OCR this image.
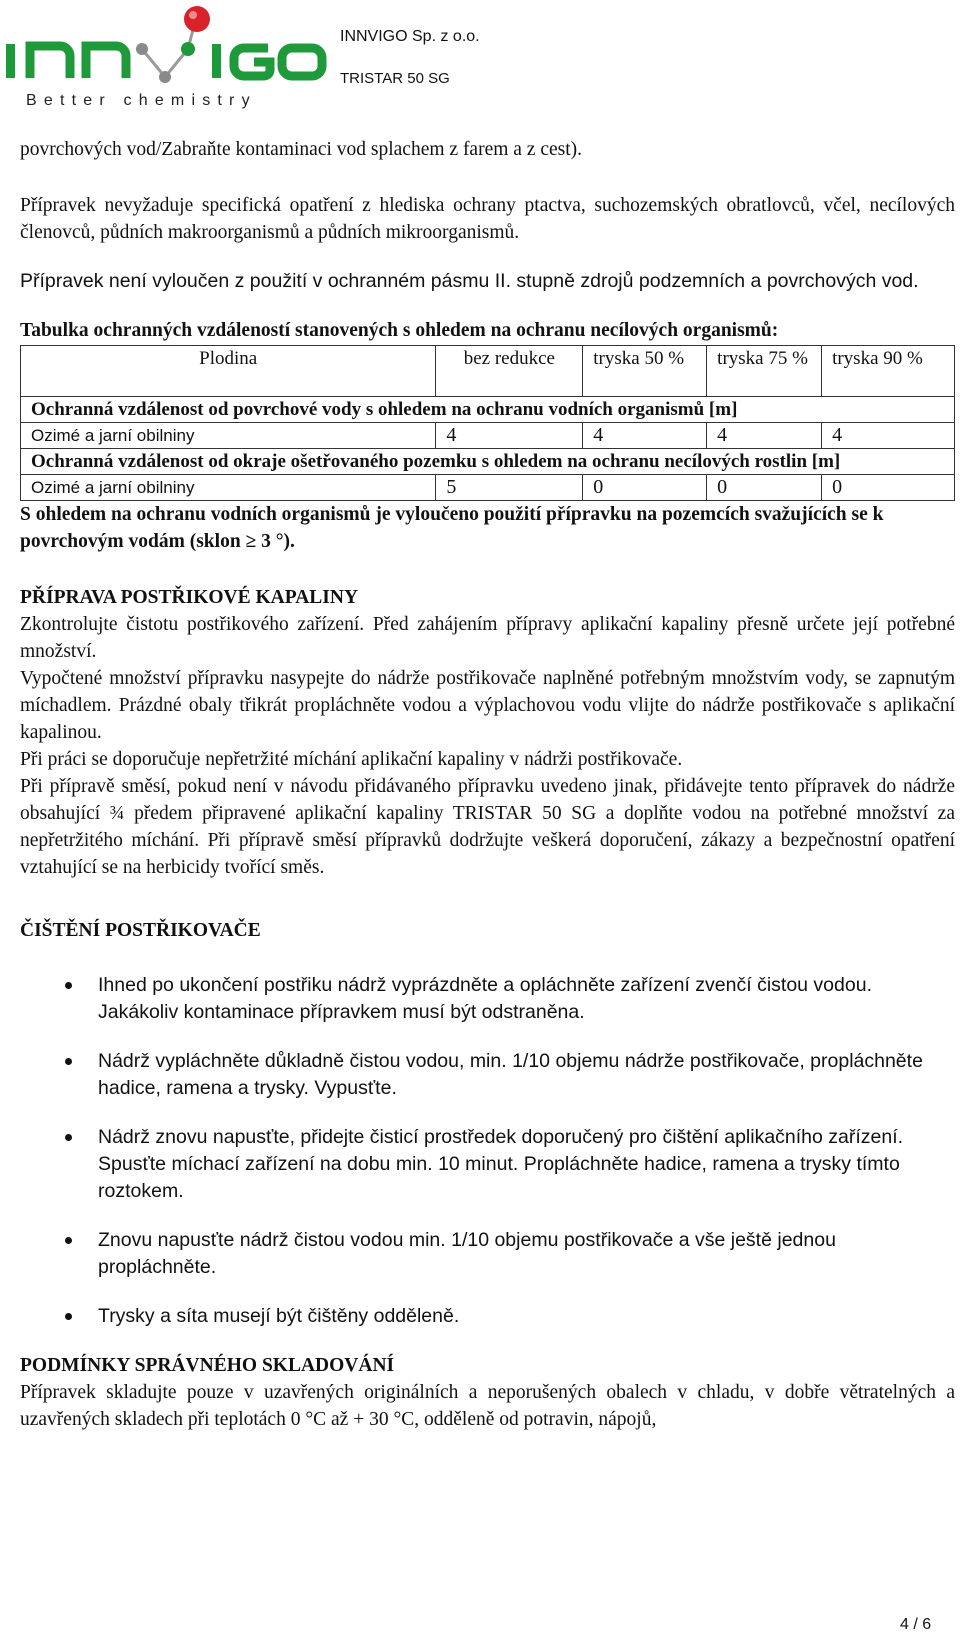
Better chemistry
INNVIGO Sp. z o.o.
TRISTAR 50 SG

povrchových vod/Zabraňte kontaminaci vod splachem z farem a z cest).

Přípravek nevyžaduje specifická opatření z hlediska ochrany ptactva, suchozemských obratlovců, včel, necílových členovců, půdních makroorganismů a půdních mikroorganismů.

Přípravek není vyloučen z použití v ochranném pásmu II. stupně zdrojů podzemních a povrchových vod.

Tabulka ochranných vzdáleností stanovených s ohledem na ochranu necílových organismů:

Plodina	bez redukce	tryska 50 %	tryska 75 %	tryska 90 %
Ochranná vzdálenost od povrchové vody s ohledem na ochranu vodních organismů [m]				
Ozimé a jarní obilniny	4	4	4	4
Ochranná vzdálenost od okraje ošetřovaného pozemku s ohledem na ochranu necílových rostlin [m]				
Ozimé a jarní obilniny	5	0	0	0

S ohledem na ochranu vodních organismů je vyloučeno použití přípravku na pozemcích svažujících se k povrchovým vodám (sklon ≥ 3 °).

PŘÍPRAVA POSTŘIKOVÉ KAPALINY

Zkontrolujte čistotu postřikového zařízení. Před zahájením přípravy aplikační kapaliny přesně určete její potřebné množství.

Vypočtené množství přípravku nasypejte do nádrže postřikovače naplněné potřebným množstvím vody, se zapnutým míchadlem. Prázdné obaly třikrát propláchněte vodou a výplachovou vodu vlijte do nádrže postřikovače s aplikační kapalinou.

Při práci se doporučuje nepřetržité míchání aplikační kapaliny v nádrži postřikovače.

Při přípravě směsí, pokud není v návodu přidávaného přípravku uvedeno jinak, přidávejte tento přípravek do nádrže obsahující ¾ předem připravené aplikační kapaliny TRISTAR 50 SG a doplňte vodou na potřebné množství za nepřetržitého míchání. Při přípravě směsí přípravků dodržujte veškerá doporučení, zákazy a bezpečnostní opatření vztahující se na herbicidy tvořící směs.

ČIŠTĚNÍ POSTŘIKOVAČE
Ihned po ukončení postřiku nádrž vyprázdněte a opláchněte zařízení zvenčí čistou vodou. Jakákoliv kontaminace přípravkem musí být odstraněna.
Nádrž vypláchněte důkladně čistou vodou, min. 1/10 objemu nádrže postřikovače, propláchněte hadice, ramena a trysky. Vypusťte.
Nádrž znovu napusťte, přidejte čisticí prostředek doporučený pro čištění aplikačního zařízení. Spusťte míchací zařízení na dobu min. 10 minut. Propláchněte hadice, ramena a trysky tímto roztokem.
Znovu napusťte nádrž čistou vodou min. 1/10 objemu postřikovače a vše ještě jednou propláchněte.
Trysky a síta musejí být čištěny odděleně.
PODMÍNKY SPRÁVNÉHO SKLADOVÁNÍ

Přípravek skladujte pouze v uzavřených originálních a neporušených obalech v chladu, v dobře větratelných a uzavřených skladech při teplotách 0 °C až + 30 °C, odděleně od potravin, nápojů,

4 / 6
